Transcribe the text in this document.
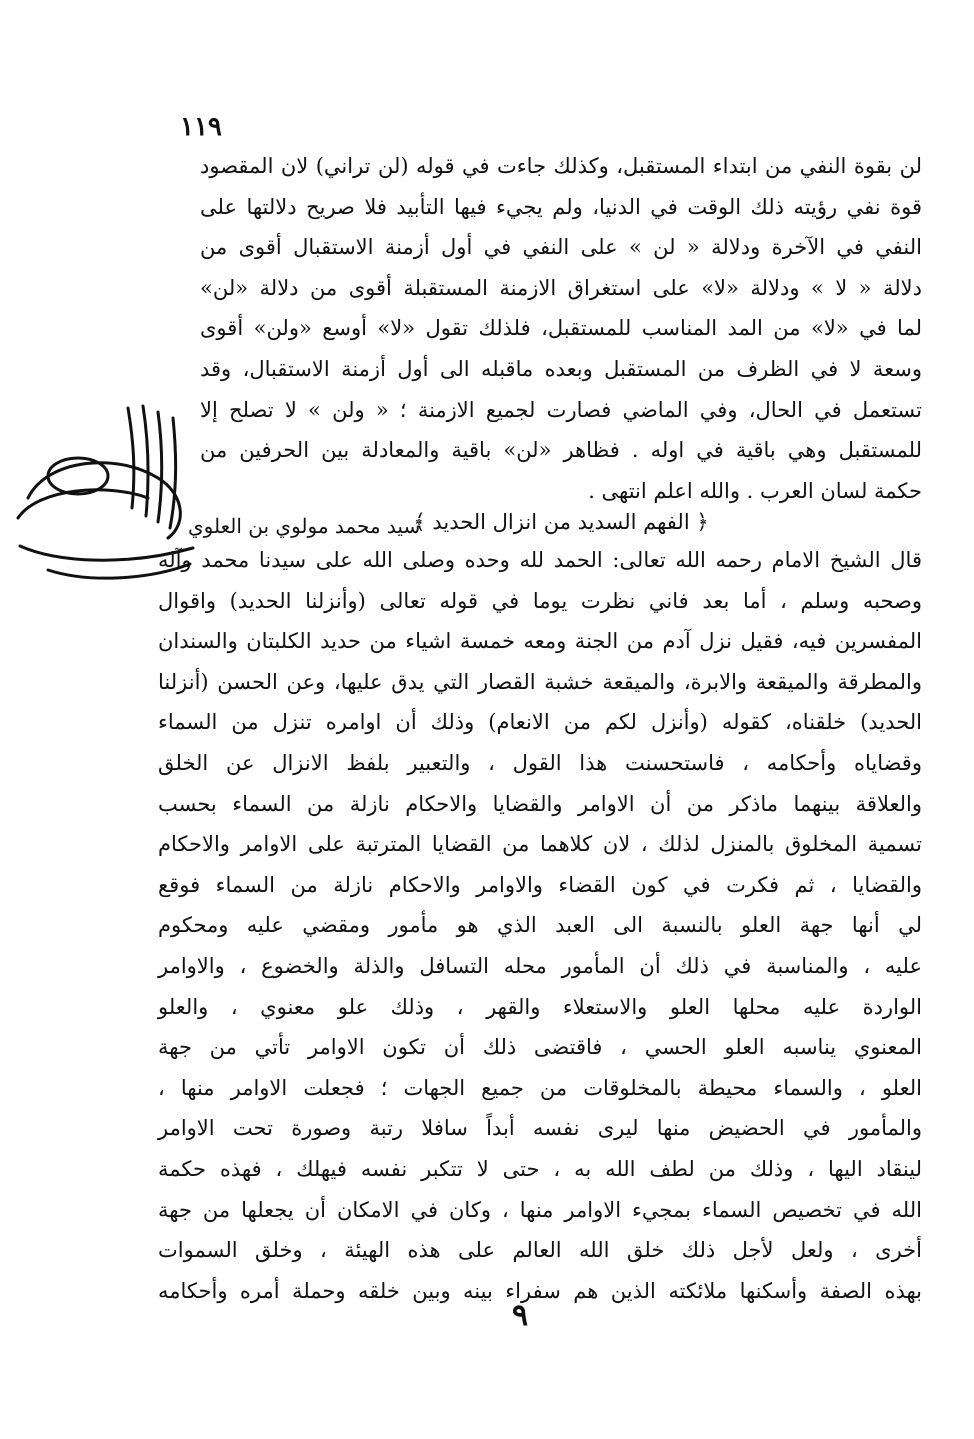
١١٩
لن بقوة النفي من ابتداء المستقبل، وكذلك جاءت في قوله (لن تراني) لان المقصود
قوة نفي رؤيته ذلك الوقت في الدنيا، ولم يجيء فيها التأبيد فلا صريح دلالتها على
النفي في الآخرة ودلالة « لن » على النفي في أول أزمنة الاستقبال أقوى من
دلالة « لا » ودلالة «لا» على استغراق الازمنة المستقبلة أقوى من دلالة «لن»
لما في «لا» من المد المناسب للمستقبل، فلذلك تقول «لا» أوسع «ولن» أقوى
وسعة لا في الظرف من المستقبل وبعده ماقبله الى أول أزمنة الاستقبال، وقد
تستعمل في الحال، وفي الماضي فصارت لجميع الازمنة ؛ « ولن » لا تصلح إلا
للمستقبل وهي باقية في اوله . فظاهر «لن» باقية والمعادلة بين الحرفين من
حكمة لسان العرب . والله اعلم انتهى .
﴿ الفهم السديد من انزال الحديد ﴾
قال الشيخ الامام رحمه الله تعالى: الحمد لله وحده وصلى الله على سيدنا محمد وآله
وصحبه وسلم ، أما بعد فاني نظرت يوما في قوله تعالى (وأنزلنا الحديد) واقوال
المفسرين فيه، فقيل نزل آدم من الجنة ومعه خمسة اشياء من حديد الكلبتان والسندان
والمطرقة والميقعة والابرة، والميقعة خشبة القصار التي يدق عليها، وعن الحسن (أنزلنا
الحديد) خلقناه، كقوله (وأنزل لكم من الانعام) وذلك أن اوامره تنزل من السماء
وقضاياه وأحكامه ، فاستحسنت هذا القول ، والتعبير بلفظ الانزال عن الخلق
والعلاقة بينهما ماذكر من أن الاوامر والقضايا والاحكام نازلة من السماء بحسب
تسمية المخلوق بالمنزل لذلك ، لان كلاهما من القضايا المترتبة على الاوامر والاحكام
والقضايا ، ثم فكرت في كون القضاء والاوامر والاحكام نازلة من السماء فوقع
لي أنها جهة العلو بالنسبة الى العبد الذي هو مأمور ومقضي عليه ومحكوم
عليه ، والمناسبة في ذلك أن المأمور محله التسافل والذلة والخضوع ، والاوامر
الواردة عليه محلها العلو والاستعلاء والقهر ، وذلك علو معنوي ، والعلو
المعنوي يناسبه العلو الحسي ، فاقتضى ذلك أن تكون الاوامر تأتي من جهة
العلو ، والسماء محيطة بالمخلوقات من جميع الجهات ؛ فجعلت الاوامر منها ،
والمأمور في الحضيض منها ليرى نفسه أبداً سافلا رتبة وصورة تحت الاوامر
لينقاد اليها ، وذلك من لطف الله به ، حتى لا تتكبر نفسه فيهلك ، فهذه حكمة
الله في تخصيص السماء بمجيء الاوامر منها ، وكان في الامكان أن يجعلها من جهة
أخرى ، ولعل لأجل ذلك خلق الله العالم على هذه الهيئة ، وخلق السموات
بهذه الصفة وأسكنها ملائكته الذين هم سفراء بينه وبين خلقه وحملة أمره وأحكامه
٩
سيد محمد مولوي بن العلوي
